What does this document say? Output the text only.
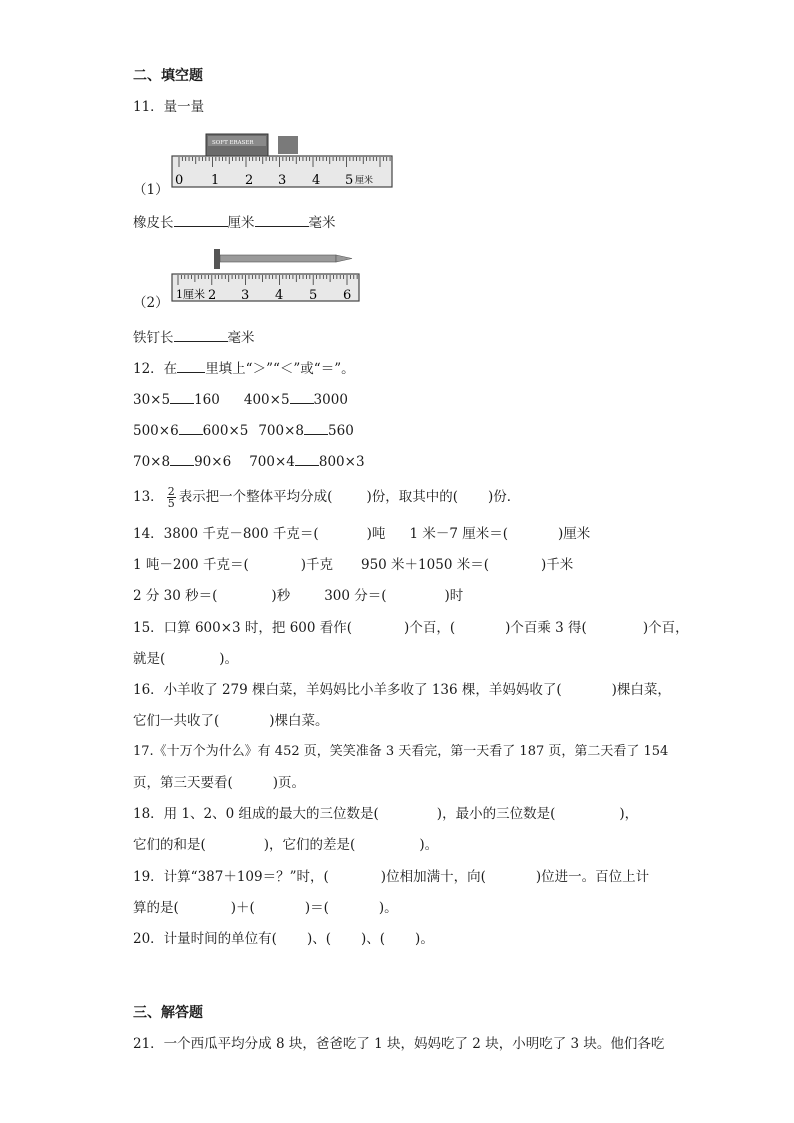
二、填空题
11．量一量
（1）
SOFT ERASER
0 1 2 3 4 5 厘米
橡皮长	厘米	毫米
（2）
1厘米 2 3 4 5 6
铁钉长	毫米
12．在 里填上“＞”“＜”或“＝”。
30×5 160 400×5 3000
500×6 600×5 700×8 560
70×8 90×6 700×4 800×3
13． $\frac{2}{5}$ 表示把一个整体平均分成(	)份，取其中的( )份．
14．3800 千克－800 千克＝(	)吨 1 米－7 厘米＝(	)厘米
1 吨－200 千克＝(	)千克 950 米＋1050 米＝(	)千米
2 分 30 秒＝(	)秒	300 分＝(	)时
15．口算 600×3 时，把 600 看作(	)个百，(	)个百乘 3 得(	)个百，
就是(	)。
16．小羊收了 279 棵白菜，羊妈妈比小羊多收了 136 棵，羊妈妈收了(	)棵白菜，
它们一共收了(	)棵白菜。
17.《十万个为什么》有 452 页，笑笑准备 3 天看完，第一天看了 187 页，第二天看了 154
页，第三天要看(	)页。
18．用 1、2、0 组成的最大的三位数是(	)，最小的三位数是(	)，
它们的和是(	)，它们的差是(	)。
19．计算“387＋109＝？”时，(	)位相加满十，向(	)位进一。百位上计
算的是(	)＋(	)＝(	)。
20．计量时间的单位有( )、( )、( )。
三、解答题
21．一个西瓜平均分成 8 块，爸爸吃了 1 块，妈妈吃了 2 块，小明吃了 3 块。他们各吃
